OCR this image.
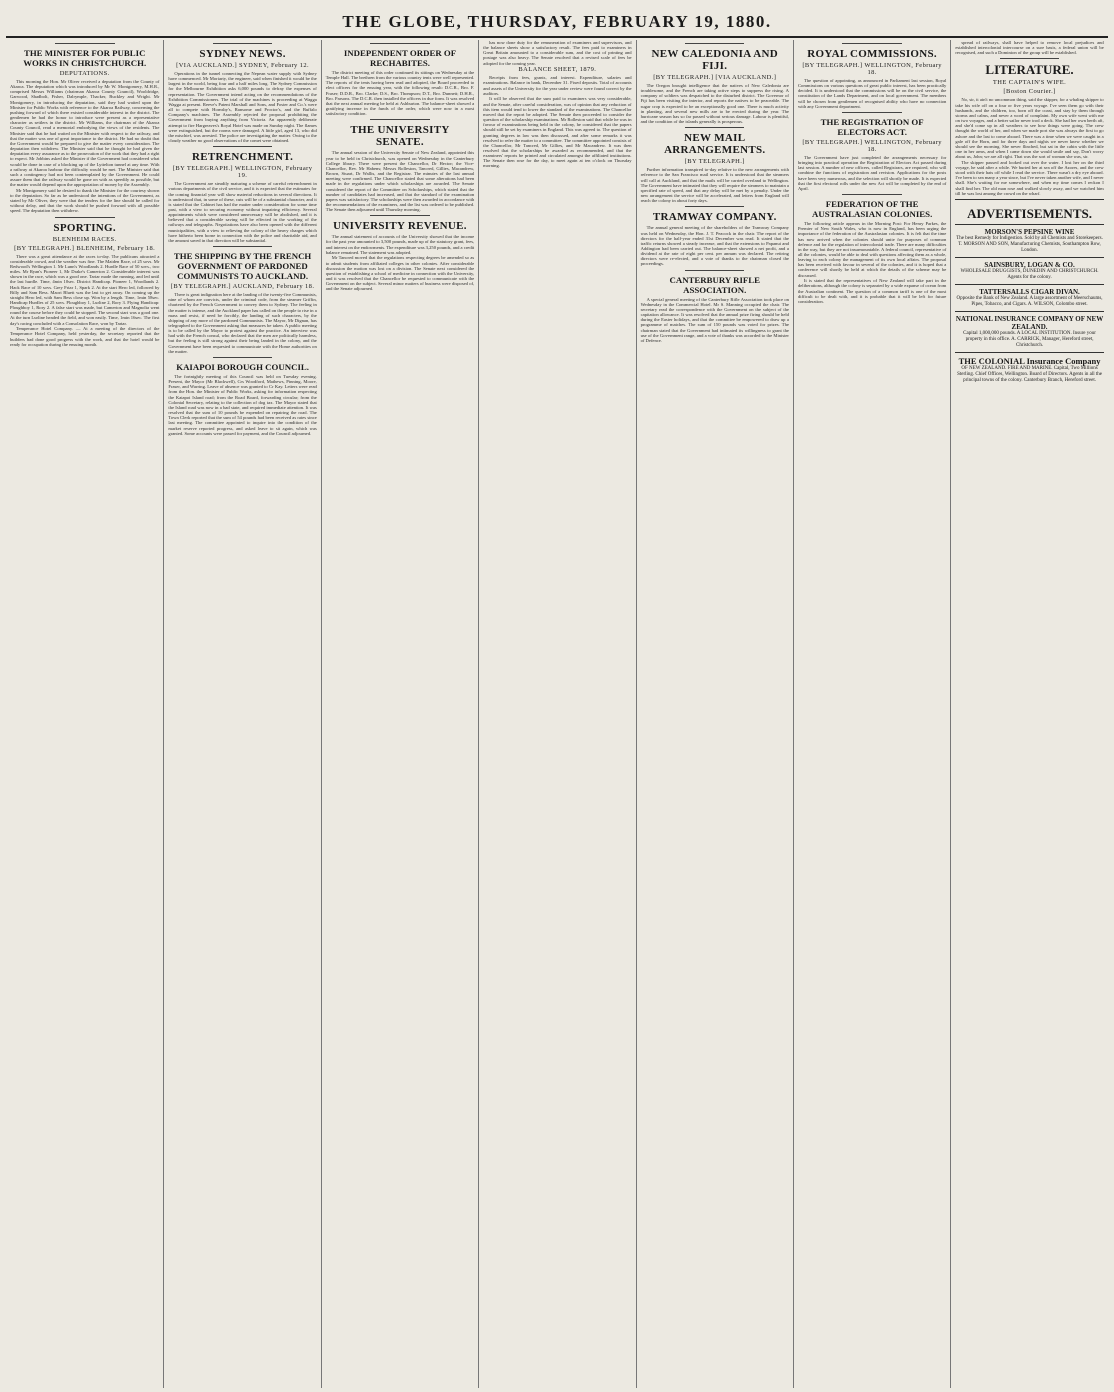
THE GLOBE, THURSDAY, FEBRUARY 19, 1880.
THE MINISTER FOR PUBLIC WORKS IN CHRISTCHURCH.
DEPUTATIONS.

This morning the Hon. Mr Oliver received a deputation from the County of Akaroa. The deputation which was introduced by Mr W. Montgomery, M.H.R., comprised Messrs Williams (chairman Akaroa County Council), Wooldridge, Garwood, Shadbolt, Fisher, Dalrymple, Thacker, Buckley and Wright. Mr Montgomery, in introducing the deputation, said they had waited upon the Minister for Public Works with reference to the Akaroa Railway, concerning the pushing forward of which there existed considerable interest in the district. The gentlemen he had the honor to introduce were present as a representative character as settlers in the district. Mr Williams, the chairman of the Akaroa County Council, read a memorial embodying the views of the residents. The Minister said that he had waited on the Minister with respect to the railway, and that the matter was one of great importance to the district. He had no doubt that the Government would be prepared to give the matter every consideration. The deputation then withdrew. The Minister said that he thought he had given the deputation every assurance as to the prosecution of the work that they had a right to expect. Mr Jobbins asked the Minister if the Government had considered what would be done in case of a blocking up of the Lyttelton tunnel at any time. With a railway at Akaroa harbour the difficulty would be met. The Minister said that such a contingency had not been contemplated by the Government. He could assure them that the railway would be gone on with as speedily as possible, but the matter would depend upon the appropriation of money by the Assembly.

Mr Montgomery said he desired to thank the Minister for the courtesy shown to the deputation. So far as he understood the intentions of the Government, as stated by Mr Oliver, they were that the tenders for the line should be called for without delay, and that the work should be pushed forward with all possible speed. The deputation then withdrew.

SPORTING.
BLENHEIM RACES.
[BY TELEGRAPH.] BLENHEIM, February 18.

There was a great attendance at the races to-day. The publicans attracted a considerable crowd, and the weather was fine. The Maiden Race, of 25 sovs. Mr Redwood's Wellington 1. Mr Lunn's Woodlands 2. Hurdle Race of 50 sovs., two miles. Mr Ryan's Pioneer 1, Mr Drake's Camerton 2. Considerable interest was shown in the race, which was a good one. Tartar made the running, and led until the last hurdle. Time, 4min 10sec. District Handicap. Pioneer 1, Woodlands 2. Hack Race of 10 sovs. Grey Friar 1, Spark 2. At the start Hero led, followed by Billy and Sam Bess. Maori Bluett was the last to get away. On coming up the straight Hero led, with Sam Bess close up. Won by a length. Time, 1min 58sec. Handicap Hurdles of 25 sovs. Ploughboy 1, Lurline 2, Rory 3. Flying Handicap: Ploughboy 1, Rory 2. A false start was made, but Camerton and Magnolia went round the course before they could be stopped. The second start was a good one. At the turn Lurline headed the field, and won easily. Time, 1min 16sec. The first day's racing concluded with a Consolation Race, won by Tartar.

Temperance Hotel Company. — At a meeting of the directors of the Temperance Hotel Company, held yesterday, the secretary reported that the builders had done good progress with the work, and that the hotel would be ready for occupation during the ensuing month.

SYDNEY NEWS.
[VIA AUCKLAND.] SYDNEY, February 12.

Operations in the tunnel connecting the Nepean water supply with Sydney have commenced. Mr Moriarty, the engineer, said when finished it would be the largest in the world, being four and a half miles long. The Sydney Commission for the Melbourne Exhibition asks 6,000 pounds to defray the expenses of representation. The Government intend acting on the recommendations of the Exhibition Commissioners. The trial of the machines is proceeding at Wagga Wagga at present. Reeve's Patent Marshall and Sons, and Foster and Co.'s were all to compete with Hornsby's, Ransome and Proctor's, and the Buffalo Company's machines. The Assembly rejected the proposal prohibiting the Government from buying anything from Victoria. An apparently deliberate attempt to fire Hargreaves's Royal Hotel was made on Sunday night. The flames were extinguished, but the rooms were damaged. A little girl, aged 13, who did the mischief, was arrested. The police are investigating the matter. Owing to the cloudy weather no good observations of the comet were obtained.

RETRENCHMENT.
[BY TELEGRAPH.] WELLINGTON, February 19.

The Government are steadily maturing a scheme of careful retrenchment in various departments of the civil service, and it is expected that the estimates for the coming financial year will show material reductions in several directions. It is understood that, in some of these, cuts will be of a substantial character, and it is stated that the Cabinet has had the matter under consideration for some time past, with a view to securing economy without impairing efficiency. Several appointments which were considered unnecessary will be abolished, and it is believed that a considerable saving will be effected in the working of the railways and telegraphs. Negotiations have also been opened with the different municipalities, with a view to relieving the colony of the heavy charges which have hitherto been borne in connection with the police and charitable aid, and the amount saved in that direction will be substantial.

THE SHIPPING BY THE FRENCH GOVERNMENT OF PARDONED COMMUNISTS TO AUCKLAND.
[BY TELEGRAPH.] AUCKLAND, February 18.

There is great indignation here at the landing of the twenty-five Communists, nine of whom are convicts, under the criminal code, from the steamer Griffin, chartered by the French Government to convey them to Sydney. The feeling in the matter is intense, and the Auckland paper has called on the people to rise in a mass and resist, if need be forcibly, the landing of such characters, by the shipping of any more of the pardoned Communists. The Mayor, Mr Dignan, has telegraphed to the Government asking that measures be taken. A public meeting is to be called by the Mayor to protest against the practice. An interview was had with the French consul, who declared that the men are politically harmless, but the feeling is still strong against their being landed in the colony, and the Government have been requested to communicate with the Home authorities on the matter.

KAIAPOI BOROUGH COUNCIL.

The fortnightly meeting of this Council was held on Tuesday evening. Present, the Mayor (Mr Blackwell), Crs Woodford, Mathews, Pinning, Moore, Fraser, and Warring. Leave of absence was granted to Cr Kay. Letters were read from the Hon. the Minister of Public Works, asking for information respecting the Kaiapoi Island road; from the Road Board, forwarding circular; from the Colonial Secretary, relating to the collection of dog tax. The Mayor stated that the Island road was now in a bad state, and required immediate attention. It was resolved that the sum of 10 pounds be expended on repairing the road. The Town Clerk reported that the sum of 54 pounds had been received as rates since last meeting. The committee appointed to inquire into the condition of the market reserve reported progress, and asked leave to sit again, which was granted. Some accounts were passed for payment, and the Council adjourned.

INDEPENDENT ORDER OF RECHABITES.

The district meeting of this order continued its sittings on Wednesday at the Temple Hall. The brethren from the various country tents were well represented. The reports of the tents having been read and adopted, the Board proceeded to elect officers for the ensuing year, with the following result: D.C.R., Bro. F. Fraser; D.D.R., Bro. Clarke; D.S., Bro. Thompson; D.T., Bro. Dunnett; D.H.R., Bro. Parsons. The D.C.R. then installed the officers in due form. It was resolved that the next annual meeting be held at Ashburton. The balance-sheet showed a gratifying increase in the funds of the order, which were now in a most satisfactory condition.

THE UNIVERSITY SENATE.

The annual session of the University Senate of New Zealand, appointed this year to be held in Christchurch, was opened on Wednesday in the Canterbury College library. There were present the Chancellor, Dr Hector; the Vice-Chancellor, Rev. Mr Habens; Messrs Rolleston, Tancred, Gillies, Macandrew, Brown, Stuart, Dr Wallis, and the Registrar. The minutes of the last annual meeting were confirmed. The Chancellor stated that some alterations had been made in the regulations under which scholarships are awarded. The Senate considered the report of the Committee on Scholarships, which stated that the number of candidates had increased, and that the standard of the examination papers was satisfactory. The scholarships were then awarded in accordance with the recommendations of the examiners, and the list was ordered to be published. The Senate then adjourned until Thursday morning.

UNIVERSITY REVENUE.

The annual statement of accounts of the University showed that the income for the past year amounted to 3,500 pounds, made up of the statutory grant, fees, and interest on the endowments. The expenditure was 3,250 pounds, and a credit balance remained. The statement was adopted.

Mr Tancred moved that the regulations respecting degrees be amended so as to admit students from affiliated colleges in other colonies. After considerable discussion the motion was lost on a division. The Senate next considered the question of establishing a school of medicine in connection with the University, and it was resolved that the Chancellor be requested to communicate with the Government on the subject. Several minor matters of business were disposed of, and the Senate adjourned.

has now done duty for the remuneration of examiners and supervisors, and the balance sheets show a satisfactory result. The fees paid to examiners in Great Britain amounted to a considerable sum, and the cost of printing and postage was also heavy. The Senate resolved that a revised scale of fees be adopted for the coming year.

BALANCE SHEET, 1879.

Receipts from fees, grants, and interest. Expenditure, salaries and examinations. Balance in bank, December 31. Fixed deposits. Total of accounts and assets of the University for the year under review were found correct by the auditors.

It will be observed that the sum paid to examiners was very considerable, and the Senate, after careful consideration, was of opinion that any reduction of this item would tend to lower the standard of the examinations. The Chancellor moved that the report be adopted. The Senate then proceeded to consider the question of the scholarship examinations. Mr Rolleston said that while he was in favour of examinations being held in the colony, he considered that the papers should still be set by examiners in England. This was agreed to. The question of granting degrees in law was then discussed, and after some remarks it was resolved to refer the matter to a committee. The committee appointed consists of the Chancellor, Mr Tancred, Mr Gillies, and Mr Macandrew. It was then resolved that the scholarships be awarded as recommended, and that the examiners' reports be printed and circulated amongst the affiliated institutions. The Senate then rose for the day, to meet again at ten o'clock on Thursday morning.

NEW CALEDONIA AND FIJI.
[BY TELEGRAPH.] [VIA AUCKLAND.]

The Oregon brought intelligence that the natives of New Caledonia are troublesome, and the French are taking active steps to suppress the rising. A company of soldiers was despatched to the disturbed district. The Governor of Fiji has been visiting the interior, and reports the natives to be peaceable. The sugar crop is expected to be an exceptionally good one. There is much activity in planting, and several new mills are to be erected during the year. The hurricane season has so far passed without serious damage. Labour is plentiful, and the condition of the islands generally is prosperous.

NEW MAIL ARRANGEMENTS.
[BY TELEGRAPH.]

Further information transpired to-day relative to the new arrangements with reference to the San Francisco mail service. It is understood that the steamers will call at Auckland, and that the mails will be carried overland to Wellington. The Government have intimated that they will require the steamers to maintain a specified rate of speed, and that any delay will be met by a penalty. Under the new arrangement the service will be accelerated, and letters from England will reach the colony in about forty days.

TRAMWAY COMPANY.

The annual general meeting of the shareholders of the Tramway Company was held on Wednesday, the Hon. J. T. Peacock in the chair. The report of the directors for the half-year ended 31st December was read. It stated that the traffic returns showed a steady increase, and that the extensions to Papanui and Addington had been carried out. The balance-sheet showed a net profit, and a dividend at the rate of eight per cent. per annum was declared. The retiring directors were re-elected, and a vote of thanks to the chairman closed the proceedings.

CANTERBURY RIFLE ASSOCIATION.

A special general meeting of the Canterbury Rifle Association took place on Wednesday in the Commercial Hotel. Mr S. Manning occupied the chair. The secretary read the correspondence with the Government on the subject of the capitation allowance. It was resolved that the annual prize firing should be held during the Easter holidays, and that the committee be empowered to draw up a programme of matches. The sum of 150 pounds was voted for prizes. The chairman stated that the Government had intimated its willingness to grant the use of the Government range, and a vote of thanks was accorded to the Minister of Defence.

ROYAL COMMISSIONS.
[BY TELEGRAPH.] WELLINGTON, February 18.

The question of appointing, as announced in Parliament last session, Royal Commissions on various questions of great public interest, has been practically decided. It is understood that the commissions will be on the civil service, the constitution of the Lands Department, and on local government. The members will be chosen from gentlemen of recognised ability who have no connection with any Government department.

THE REGISTRATION OF ELECTORS ACT.
[BY TELEGRAPH.] WELLINGTON, February 18.

The Government have just completed the arrangements necessary for bringing into practical operation the Registration of Electors Act passed during last session. A number of new officers, called Registrars, are required, who will combine the functions of registration and revision. Applications for the posts have been very numerous, and the selection will shortly be made. It is expected that the first electoral rolls under the new Act will be completed by the end of April.

FEDERATION OF THE AUSTRALASIAN COLONIES.

The following article appears in the Morning Post: For Henry Parkes, the Premier of New South Wales, who is now in England, has been urging the importance of the federation of the Australasian colonies. It is felt that the time has now arrived when the colonies should unite for purposes of common defence and for the regulation of intercolonial trade. There are many difficulties in the way, but they are not insurmountable. A federal council, representative of all the colonies, would be able to deal with questions affecting them as a whole, leaving to each colony the management of its own local affairs. The proposal has been received with favour in several of the colonies, and it is hoped that a conference will shortly be held at which the details of the scheme may be discussed.

It is stated that the representatives of New Zealand will take part in the deliberations, although the colony is separated by a wide expanse of ocean from the Australian continent. The question of a common tariff is one of the most difficult to be dealt with, and it is probable that it will be left for future consideration.

spread of railways, shall have helped to remove local prejudices and established intercolonial intercourse on a sure basis, a federal union will be recognised, and such a Dominion of the group will be established.

LITERATURE.
THE CAPTAIN'S WIFE.
[Boston Courier.]

No, sir, it ain't no uncommon thing, said the skipper, for a whaling skipper to take his wife off on a four or five years voyage. I've seen them go with their husbands, and the children, too, born off the coast, and stay by them through storms and calms, and never a word of complaint. My own wife went with me on two voyages, and a better sailor never trod a deck. She had her own berth aft, and she'd come up in all weathers to see how things were going. The crew thought the world of her, and when we made port she was always the first to go ashore and the last to come aboard. There was a time when we were caught in a gale off the Horn, and for three days and nights we never knew whether we should see the morning. She never flinched, but sat in the cabin with the little one in her arms, and when I came down she would smile and say, Don't worry about us, John; we are all right. That was the sort of woman she was, sir.

The skipper paused and looked out over the water. I lost her on the third voyage, he said after a while. We buried her at sea off the Azores, and the crew stood with their hats off while I read the service. There wasn't a dry eye aboard. I've been to sea many a year since, but I've never taken another wife, and I never shall. She's waiting for me somewhere, and when my time comes I reckon I shall find her. The old man rose and walked slowly away, and we watched him till he was lost among the crowd on the wharf.

ADVERTISEMENTS.
MORSON'S PEPSINE WINE
The best Remedy for Indigestion. Sold by all Chemists and Storekeepers. T. MORSON AND SON, Manufacturing Chemists, Southampton Row, London.
SAINSBURY, LOGAN & CO.
WHOLESALE DRUGGISTS, DUNEDIN AND CHRISTCHURCH. Agents for the colony.
TATTERSALLS CIGAR DIVAN.
Opposite the Bank of New Zealand. A large assortment of Meerschaums, Pipes, Tobacco, and Cigars. A. WILSON, Colombo street.
NATIONAL INSURANCE COMPANY OF NEW ZEALAND.
Capital 1,000,000 pounds. A LOCAL INSTITUTION. Insure your property in this office. A. CARRICK, Manager, Hereford street, Christchurch.
THE COLONIAL Insurance Company
OF NEW ZEALAND. FIRE AND MARINE. Capital, Two Millions Sterling. Chief Offices, Wellington. Board of Directors. Agents in all the principal towns of the colony. Canterbury Branch, Hereford street.
